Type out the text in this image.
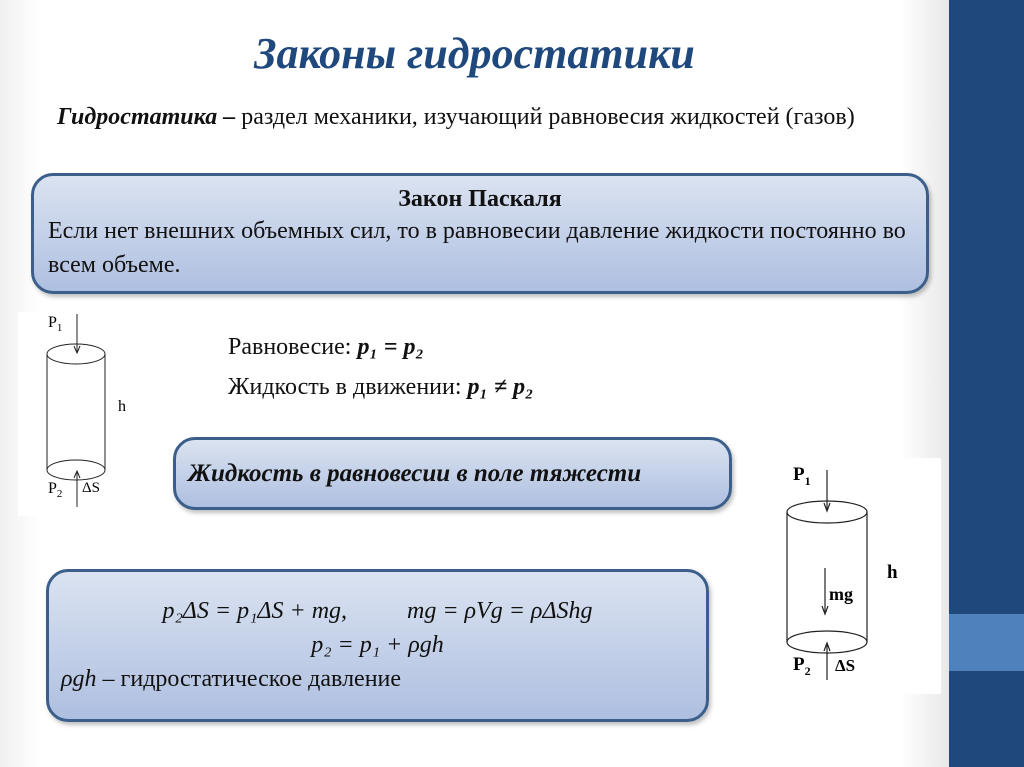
Законы гидростатики
Гидростатика – раздел механики, изучающий равновесия жидкостей (газов)
Закон Паскаля
Если нет внешних объемных сил, то в равновесии давление жидкости постоянно во всем объеме.
$P_1$
h
$P_2$ ΔS
Равновесие: p₁ = p₂
Жидкость в движении: p₁ ≠ p₂
Жидкость в равновесии в поле тяжести
p₂ΔS = p₁ΔS + mg,	mg = ρVg = ρΔShg
p₂ = p₁ + ρgh
ρgh – гидростатическое давление
$P_1$
h
mg
$P_2$ ΔS
